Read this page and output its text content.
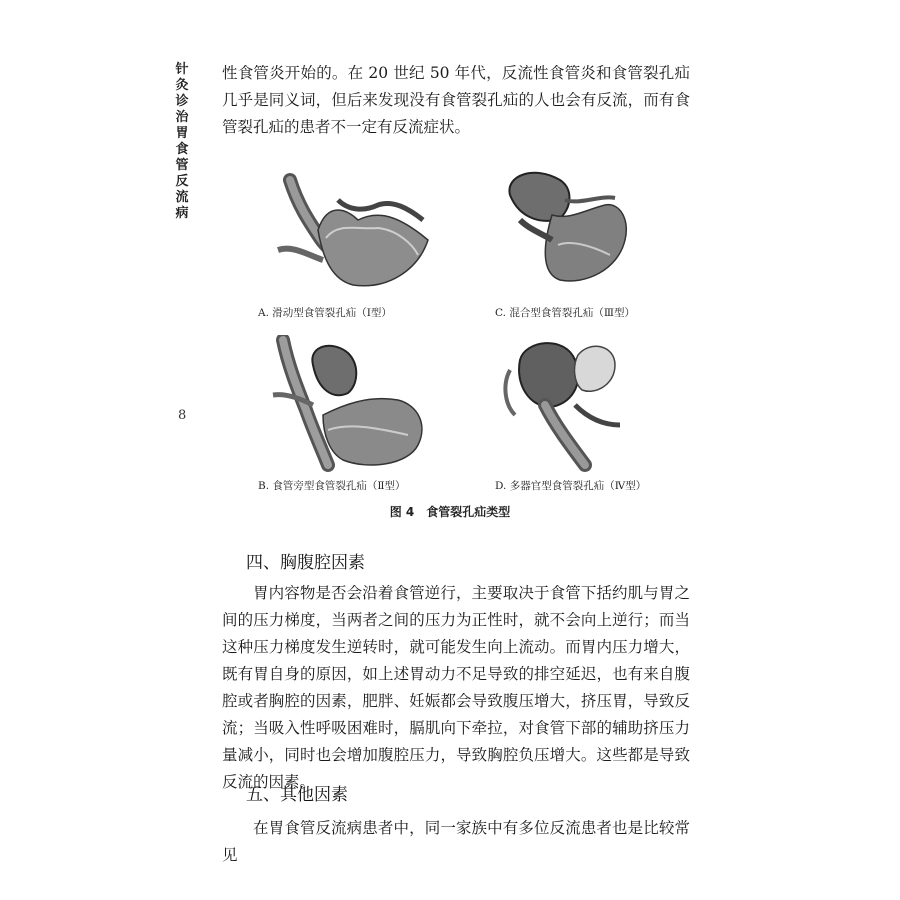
针灸诊治胃食管反流病
8

性食管炎开始的。在 20 世纪 50 年代，反流性食管炎和食管裂孔疝几乎是同义词，但后来发现没有食管裂孔疝的人也会有反流，而有食管裂孔疝的患者不一定有反流症状。

A. 滑动型食管裂孔疝（Ⅰ型）	C. 混合型食管裂孔疝（Ⅲ型）
B. 食管旁型食管裂孔疝（Ⅱ型）	D. 多器官型食管裂孔疝（Ⅳ型）
图 4 食管裂孔疝类型
四、胸腹腔因素

胃内容物是否会沿着食管逆行，主要取决于食管下括约肌与胃之间的压力梯度，当两者之间的压力为正性时，就不会向上逆行；而当这种压力梯度发生逆转时，就可能发生向上流动。而胃内压力增大，既有胃自身的原因，如上述胃动力不足导致的排空延迟，也有来自腹腔或者胸腔的因素，肥胖、妊娠都会导致腹压增大，挤压胃，导致反流；当吸入性呼吸困难时，膈肌向下牵拉，对食管下部的辅助挤压力量减小，同时也会增加腹腔压力，导致胸腔负压增大。这些都是导致反流的因素。

五、其他因素

在胃食管反流病患者中，同一家族中有多位反流患者也是比较常见
